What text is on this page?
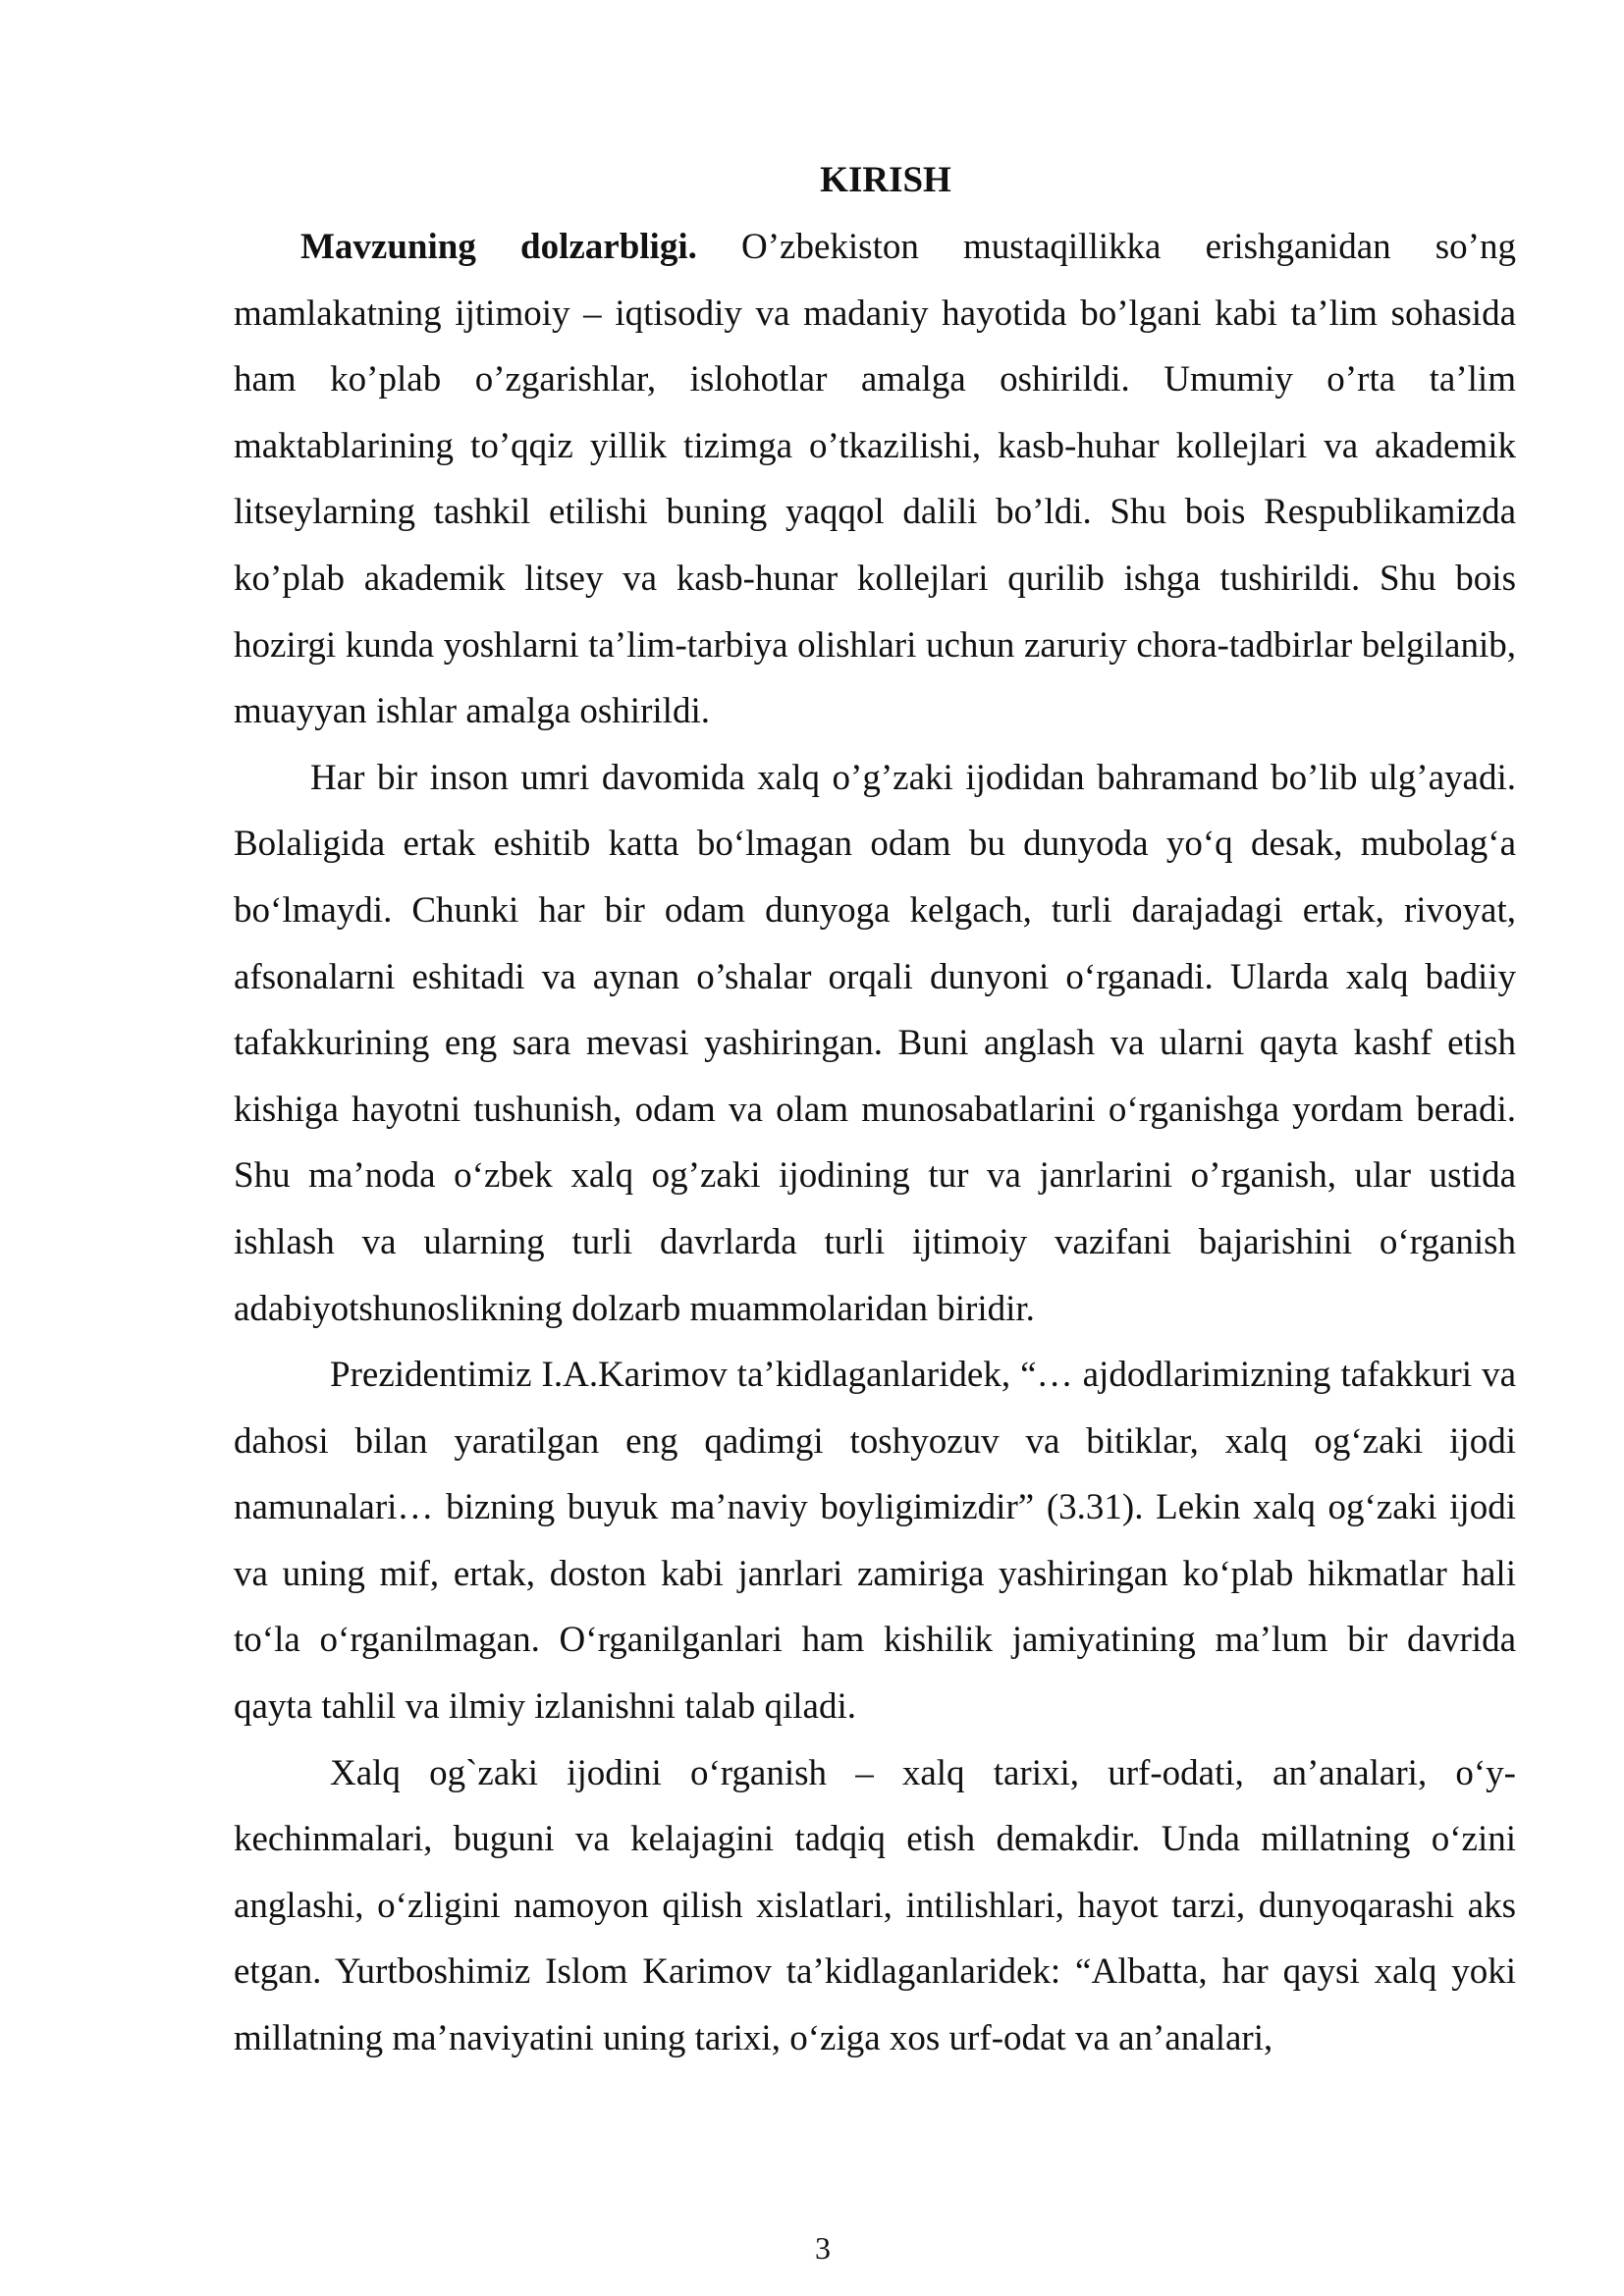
KIRISH

Mavzuning dolzarbligi. O’zbekiston mustaqillikka erishganidan so’ng mamlakatning ijtimoiy – iqtisodiy va madaniy hayotida bo’lgani kabi ta’lim sohasida ham ko’plab o’zgarishlar, islohotlar amalga oshirildi. Umumiy o’rta ta’lim maktablarining to’qqiz yillik tizimga o’tkazilishi, kasb-huhar kollejlari va akademik litseylarning tashkil etilishi buning yaqqol dalili bo’ldi. Shu bois Respublikamizda ko’plab akademik litsey va kasb-hunar kollejlari qurilib ishga tushirildi. Shu bois hozirgi kunda yoshlarni ta’lim-tarbiya olishlari uchun zaruriy chora-tadbirlar belgilanib, muayyan ishlar amalga oshirildi.

Har bir inson umri davomida xalq o’g’zaki ijodidan bahramand bo’lib ulg’ayadi. Bolaligida ertak eshitib katta bo‘lmagan odam bu dunyoda yo‘q desak, mubolag‘a bo‘lmaydi. Chunki har bir odam dunyoga kelgach, turli darajadagi ertak, rivoyat, afsonalarni eshitadi va aynan o’shalar orqali dunyoni o‘rganadi. Ularda xalq badiiy tafakkurining eng sara mevasi yashiringan. Buni anglash va ularni qayta kashf etish kishiga hayotni tushunish, odam va olam munosabatlarini o‘rganishga yordam beradi. Shu ma’noda o‘zbek xalq og’zaki ijodining tur va janrlarini o’rganish, ular ustida ishlash va ularning turli davrlarda turli ijtimoiy vazifani bajarishini o‘rganish adabiyotshunoslikning dolzarb muammolaridan biridir.

Prezidentimiz I.A.Karimov ta’kidlaganlaridek, “… ajdodlarimizning tafakkuri va dahosi bilan yaratilgan eng qadimgi toshyozuv va bitiklar, xalq og‘zaki ijodi namunalari… bizning buyuk ma’naviy boyligimizdir” (3.31). Lekin xalq og‘zaki ijodi va uning mif, ertak, doston kabi janrlari zamiriga yashiringan ko‘plab hikmatlar hali to‘la o‘rganilmagan. O‘rganilganlari ham kishilik jamiyatining ma’lum bir davrida qayta tahlil va ilmiy izlanishni talab qiladi.

Xalq og`zaki ijodini o‘rganish – xalq tarixi, urf-odati, an’analari, o‘y-kechinmalari, buguni va kelajagini tadqiq etish demakdir. Unda millatning o‘zini anglashi, o‘zligini namoyon qilish xislatlari, intilishlari, hayot tarzi, dunyoqarashi aks etgan. Yurtboshimiz Islom Karimov ta’kidlaganlaridek: “Albatta, har qaysi xalq yoki millatning ma’naviyatini uning tarixi, o‘ziga xos urf-odat va an’analari,

3
